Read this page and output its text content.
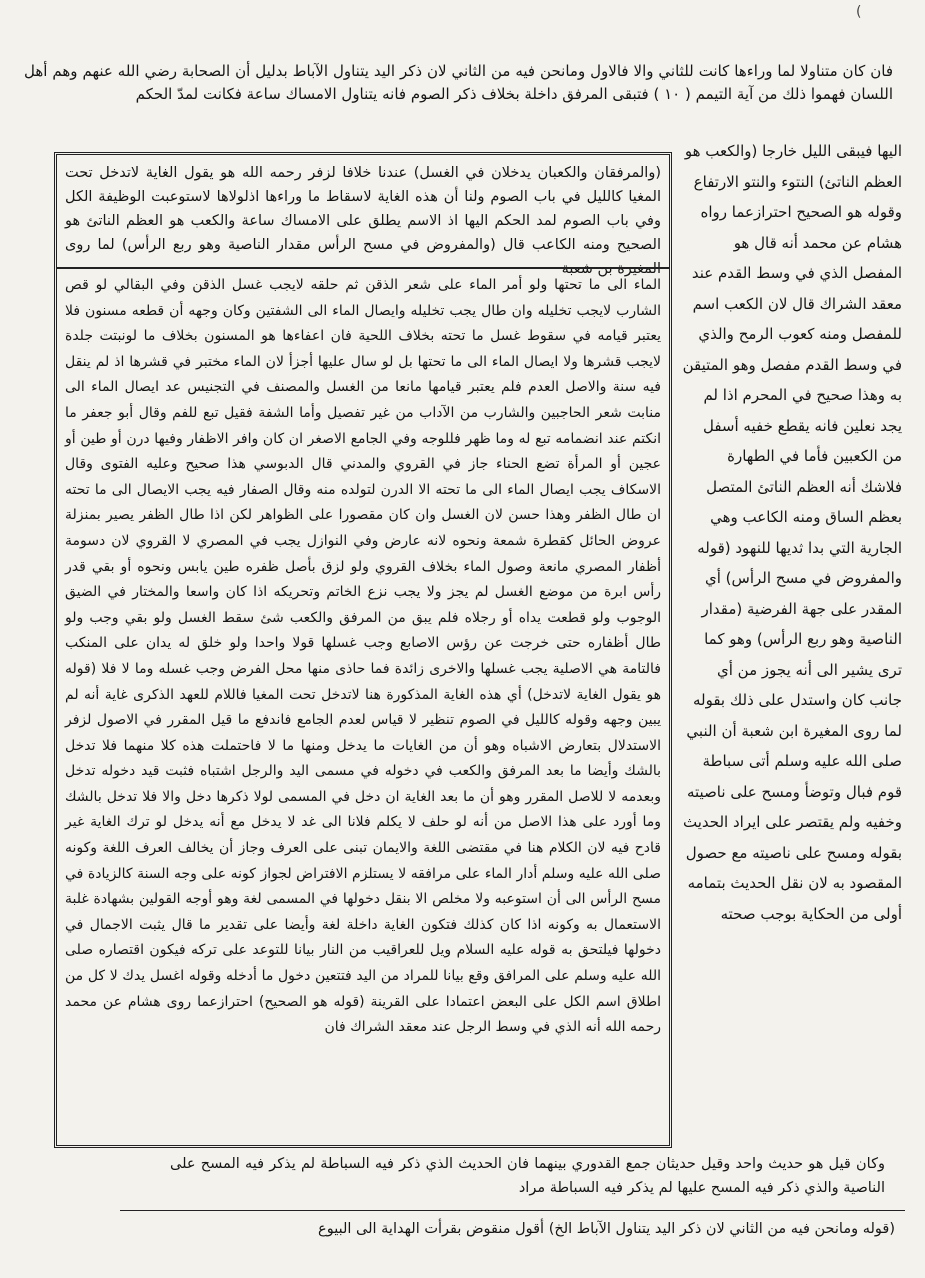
(

فان كان متناولا لما وراءها كانت للثاني والا فالاول ومانحن فيه من الثاني لان ذكر اليد يتناول الآباط بدليل أن الصحابة رضي الله عنهم وهم أهل اللسان فهموا ذلك من آية التيمم ( ١٠ ) فتبقى المرفق داخلة بخلاف ذكر الصوم فانه يتناول الامساك ساعة فكانت لمدّ الحكم

(والمرفقان والكعبان يدخلان في الغسل) عندنا خلافا لزفر رحمه الله هو يقول الغاية لاتدخل تحت المغيا كالليل في باب الصوم ولنا أن هذه الغاية لاسقاط ما وراءها اذلولاها لاستوعبت الوظيفة الكل وفي باب الصوم لمد الحكم اليها اذ الاسم يطلق على الامساك ساعة والكعب هو العظم الناتئ هو الصحيح ومنه الكاعب قال (والمفروض في مسح الرأس مقدار الناصية وهو ربع الرأس) لما روى المغيرة بن شعبة

الماء الى ما تحتها ولو أمر الماء على شعر الذقن ثم حلقه لايجب غسل الذقن وفي البقالي لو قص الشارب لايجب تخليله وان طال يجب تخليله وايصال الماء الى الشفتين وكان وجهه أن قطعه مسنون فلا يعتبر قيامه في سقوط غسل ما تحته بخلاف اللحية فان اعفاءها هو المسنون بخلاف ما لونبتت جلدة لايجب قشرها ولا ايصال الماء الى ما تحتها بل لو سال عليها أجزأ لان الماء مختبر في قشرها اذ لم ينقل فيه سنة والاصل العدم فلم يعتبر قيامها مانعا من الغسل والمصنف في التجنيس عد ايصال الماء الى منابت شعر الحاجبين والشارب من الآداب من غير تفصيل وأما الشفة فقيل تبع للفم وقال أبو جعفر ما انكتم عند انضمامه تبع له وما ظهر فللوجه وفي الجامع الاصغر ان كان وافر الاظفار وفيها درن أو طين أو عجين أو المرأة تضع الحناء جاز في القروي والمدني قال الدبوسي هذا صحيح وعليه الفتوى وقال الاسكاف يجب ايصال الماء الى ما تحته الا الدرن لتولده منه وقال الصفار فيه يجب الايصال الى ما تحته ان طال الظفر وهذا حسن لان الغسل وان كان مقصورا على الظواهر لكن اذا طال الظفر يصير بمنزلة عروض الحائل كقطرة شمعة ونحوه لانه عارض وفي النوازل يجب في المصري لا القروي لان دسومة أظفار المصري مانعة وصول الماء بخلاف القروي ولو لزق بأصل ظفره طين يابس ونحوه أو بقي قدر رأس ابرة من موضع الغسل لم يجز ولا يجب نزع الخاتم وتحريكه اذا كان واسعا والمختار في الضيق الوجوب ولو قطعت يداه أو رجلاه فلم يبق من المرفق والكعب شئ سقط الغسل ولو بقي وجب ولو طال أظفاره حتى خرجت عن رؤس الاصابع وجب غسلها قولا واحدا ولو خلق له يدان على المنكب فالتامة هي الاصلية يجب غسلها والاخرى زائدة فما حاذى منها محل الفرض وجب غسله وما لا فلا (قوله هو يقول الغاية لاتدخل) أي هذه الغاية المذكورة هنا لاتدخل تحت المغيا فاللام للعهد الذكرى غاية أنه لم يبين وجهه وقوله كالليل في الصوم تنظير لا قياس لعدم الجامع فاندفع ما قيل المقرر في الاصول لزفر الاستدلال بتعارض الاشباه وهو أن من الغايات ما يدخل ومنها ما لا فاحتملت هذه كلا منهما فلا تدخل بالشك وأيضا ما بعد المرفق والكعب في دخوله في مسمى اليد والرجل اشتباه فثبت قيد دخوله تدخل وبعدمه لا للاصل المقرر وهو أن ما بعد الغاية ان دخل في المسمى لولا ذكرها دخل والا فلا تدخل بالشك وما أورد على هذا الاصل من أنه لو حلف لا يكلم فلانا الى غد لا يدخل مع أنه يدخل لو ترك الغاية غير قادح فيه لان الكلام هنا في مقتضى اللغة والايمان تبنى على العرف وجاز أن يخالف العرف اللغة وكونه صلى الله عليه وسلم أدار الماء على مرافقه لا يستلزم الافتراض لجواز كونه على وجه السنة كالزيادة في مسح الرأس الى أن استوعبه ولا مخلص الا بنقل دخولها في المسمى لغة وهو أوجه القولين بشهادة غلبة الاستعمال به وكونه اذا كان كذلك فتكون الغاية داخلة لغة وأيضا على تقدير ما قال يثبت الاجمال في دخولها فيلتحق به قوله عليه السلام ويل للعراقيب من النار بيانا للتوعد على تركه فيكون اقتصاره صلى الله عليه وسلم على المرافق وقع بيانا للمراد من اليد فتتعين دخول ما أدخله وقوله اغسل يدك لا كل من اطلاق اسم الكل على البعض اعتمادا على القرينة (قوله هو الصحيح) احترازعما روى هشام عن محمد رحمه الله أنه الذي في وسط الرجل عند معقد الشراك فان

اليها فيبقى الليل خارجا (والكعب هو العظم الناتئ) النتوء والنتو الارتفاع وقوله هو الصحيح احترازعما رواه هشام عن محمد أنه قال هو المفصل الذي في وسط القدم عند معقد الشراك قال لان الكعب اسم للمفصل ومنه كعوب الرمح والذي في وسط القدم مفصل وهو المتيقن به وهذا صحيح في المحرم اذا لم يجد نعلين فانه يقطع خفيه أسفل من الكعبين فأما في الطهارة فلاشك أنه العظم الناتئ المتصل بعظم الساق ومنه الكاعب وهي الجارية التي بدا ثديها للنهود (قوله والمفروض في مسح الرأس) أي المقدر على جهة الفرضية (مقدار الناصية وهو ربع الرأس) وهو كما ترى يشير الى أنه يجوز من أي جانب كان واستدل على ذلك بقوله لما روى المغيرة ابن شعبة أن النبي صلى الله عليه وسلم أتى سباطة قوم فبال وتوضأ ومسح على ناصيته وخفيه ولم يقتصر على ايراد الحديث بقوله ومسح على ناصيته مع حصول المقصود به لان نقل الحديث بتمامه أولى من الحكاية بوجب صحته

وكان قيل هو حديث واحد وقيل حديثان جمع القدوري بينهما فان الحديث الذي ذكر فيه السباطة لم يذكر فيه المسح على الناصية والذي ذكر فيه المسح عليها لم يذكر فيه السباطة مراد

(قوله ومانحن فيه من الثاني لان ذكر اليد يتناول الآباط الخ) أقول منقوض بقرأت الهداية الى البيوع
